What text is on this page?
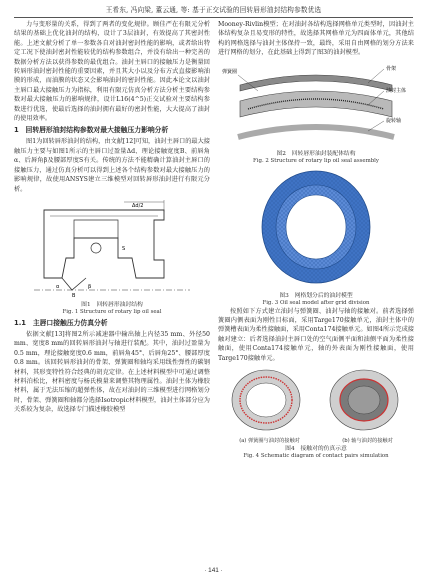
王希东, 冯向梁, 董云通, 等: 基于正交试验的回转唇形油封结构参数优选

力与变形量的关系，得到了两者的变化规律。顾佳严在有限元分析结果的基础上优化油封的结构，设计了3层油封，有效提高了其密封性能。上述文献分析了单一参数各自对油封密封性能的影响，或者给出特定工况下使油封密封性能较优的结构参数组合，并没有给出一种完善的数据分析方法以获得参数的最优组合。油封主唇口的接触压力是衡量回转唇形油封密封性能的重要因素，并且其大小以及分布方式直接影响油膜的形成，而油膜的状态又会影响油封的密封性能。因此本论文以油封主唇口最大接触压力为指标，利用有限元仿真分析方法分析主要结构参数对最大接触压力的影响规律，设计L16(4^5)正交试验对主要结构参数进行优选，使最后选择的油封拥有最好的密封性能，大大提高了油封的使用效率。

1　回转唇形油封结构参数对最大接触压力影响分析

图1为回转唇形油封的结构，由文献[12]可知，油封主唇口的最大接触压力主要与如图1所示的主唇口过盈量Δd、理论接触宽度B、前唇角α、后唇角β及腰部厚度S有关。传统的方法不能精确计算油封主唇口的接触压力，通过仿真分析可以得到上述各个结构参数对最大接触压力的影响规律，故使用ANSYS建立三维模型对回转唇形油封进行有限元分析。

Δd/2
B
α	β
S
图1　回转唇形油封结构
Fig. 1 Structure of rotary lip oil seal
1.1　主唇口接触压力仿真分析

依据文献[13]将图2所示减速器中输出轴上内径35 mm、外径50 mm、宽度8 mm的回转唇形油封与轴进行装配。其中，油封过盈量为0.5 mm，理论接触宽度0.6 mm，前唇角45°、后唇角25°、腰部厚度0.8 mm。该回转唇形油封的骨架、弹簧圈和轴均采用线性弹性的碳钢材料，其形变特性符合经典的胡克定律。在上述材料模型中可通过调整材料泊松比，材料密度与杨氏模量来调整其物理属性。油封主体为橡胶材料，属于无法压缩的超弹性体，故在对油封的三维模型进行网格划分时，骨架、弹簧圈和轴都分选择Isotropic材料模型，油封主体部分应为关系较为复杂，故选择专门描述橡胶模型

Mooney-Rivlin模型；在对油封各结构选择网格单元类型时，因油封主体结构复杂且易变形的特性，故选择其网格单元为四面体单元，其他结构的网格选择与油封主体保持一致，最终，采用自由网格的划分方法来进行网格的划分，在此基础上得到了图3的油封模型。

弹簧圈	骨架
油封主体
旋转轴
图2　回转唇形油封装配体结构
Fig. 2 Structure of rotary lip oil seal assembly
图3　网格划分后的油封模型
Fig. 3 Oil seal model after grid division

按照如下方式建立油封与弹簧圈、油封与轴的接触对。前者选择弹簧圈内侧表面为刚性目标面，采用Targe170接触单元，油封主体中的弹簧槽表面为柔性接触面，采用Conta174接触单元。如图4所示完成接触对建立：后者选择油封主唇口处的空气面侧平面和油侧平面为柔性接触面，使用Conta174接触单元，轴的外表面为刚性接触面，使用Targe170接触单元。

(a) 弹簧圈与油封的接触对	(b) 轴与油封的接触对
图4　接触对的仿真示意
Fig. 4 Schematic diagram of contact pairs simulation
· 141 ·
